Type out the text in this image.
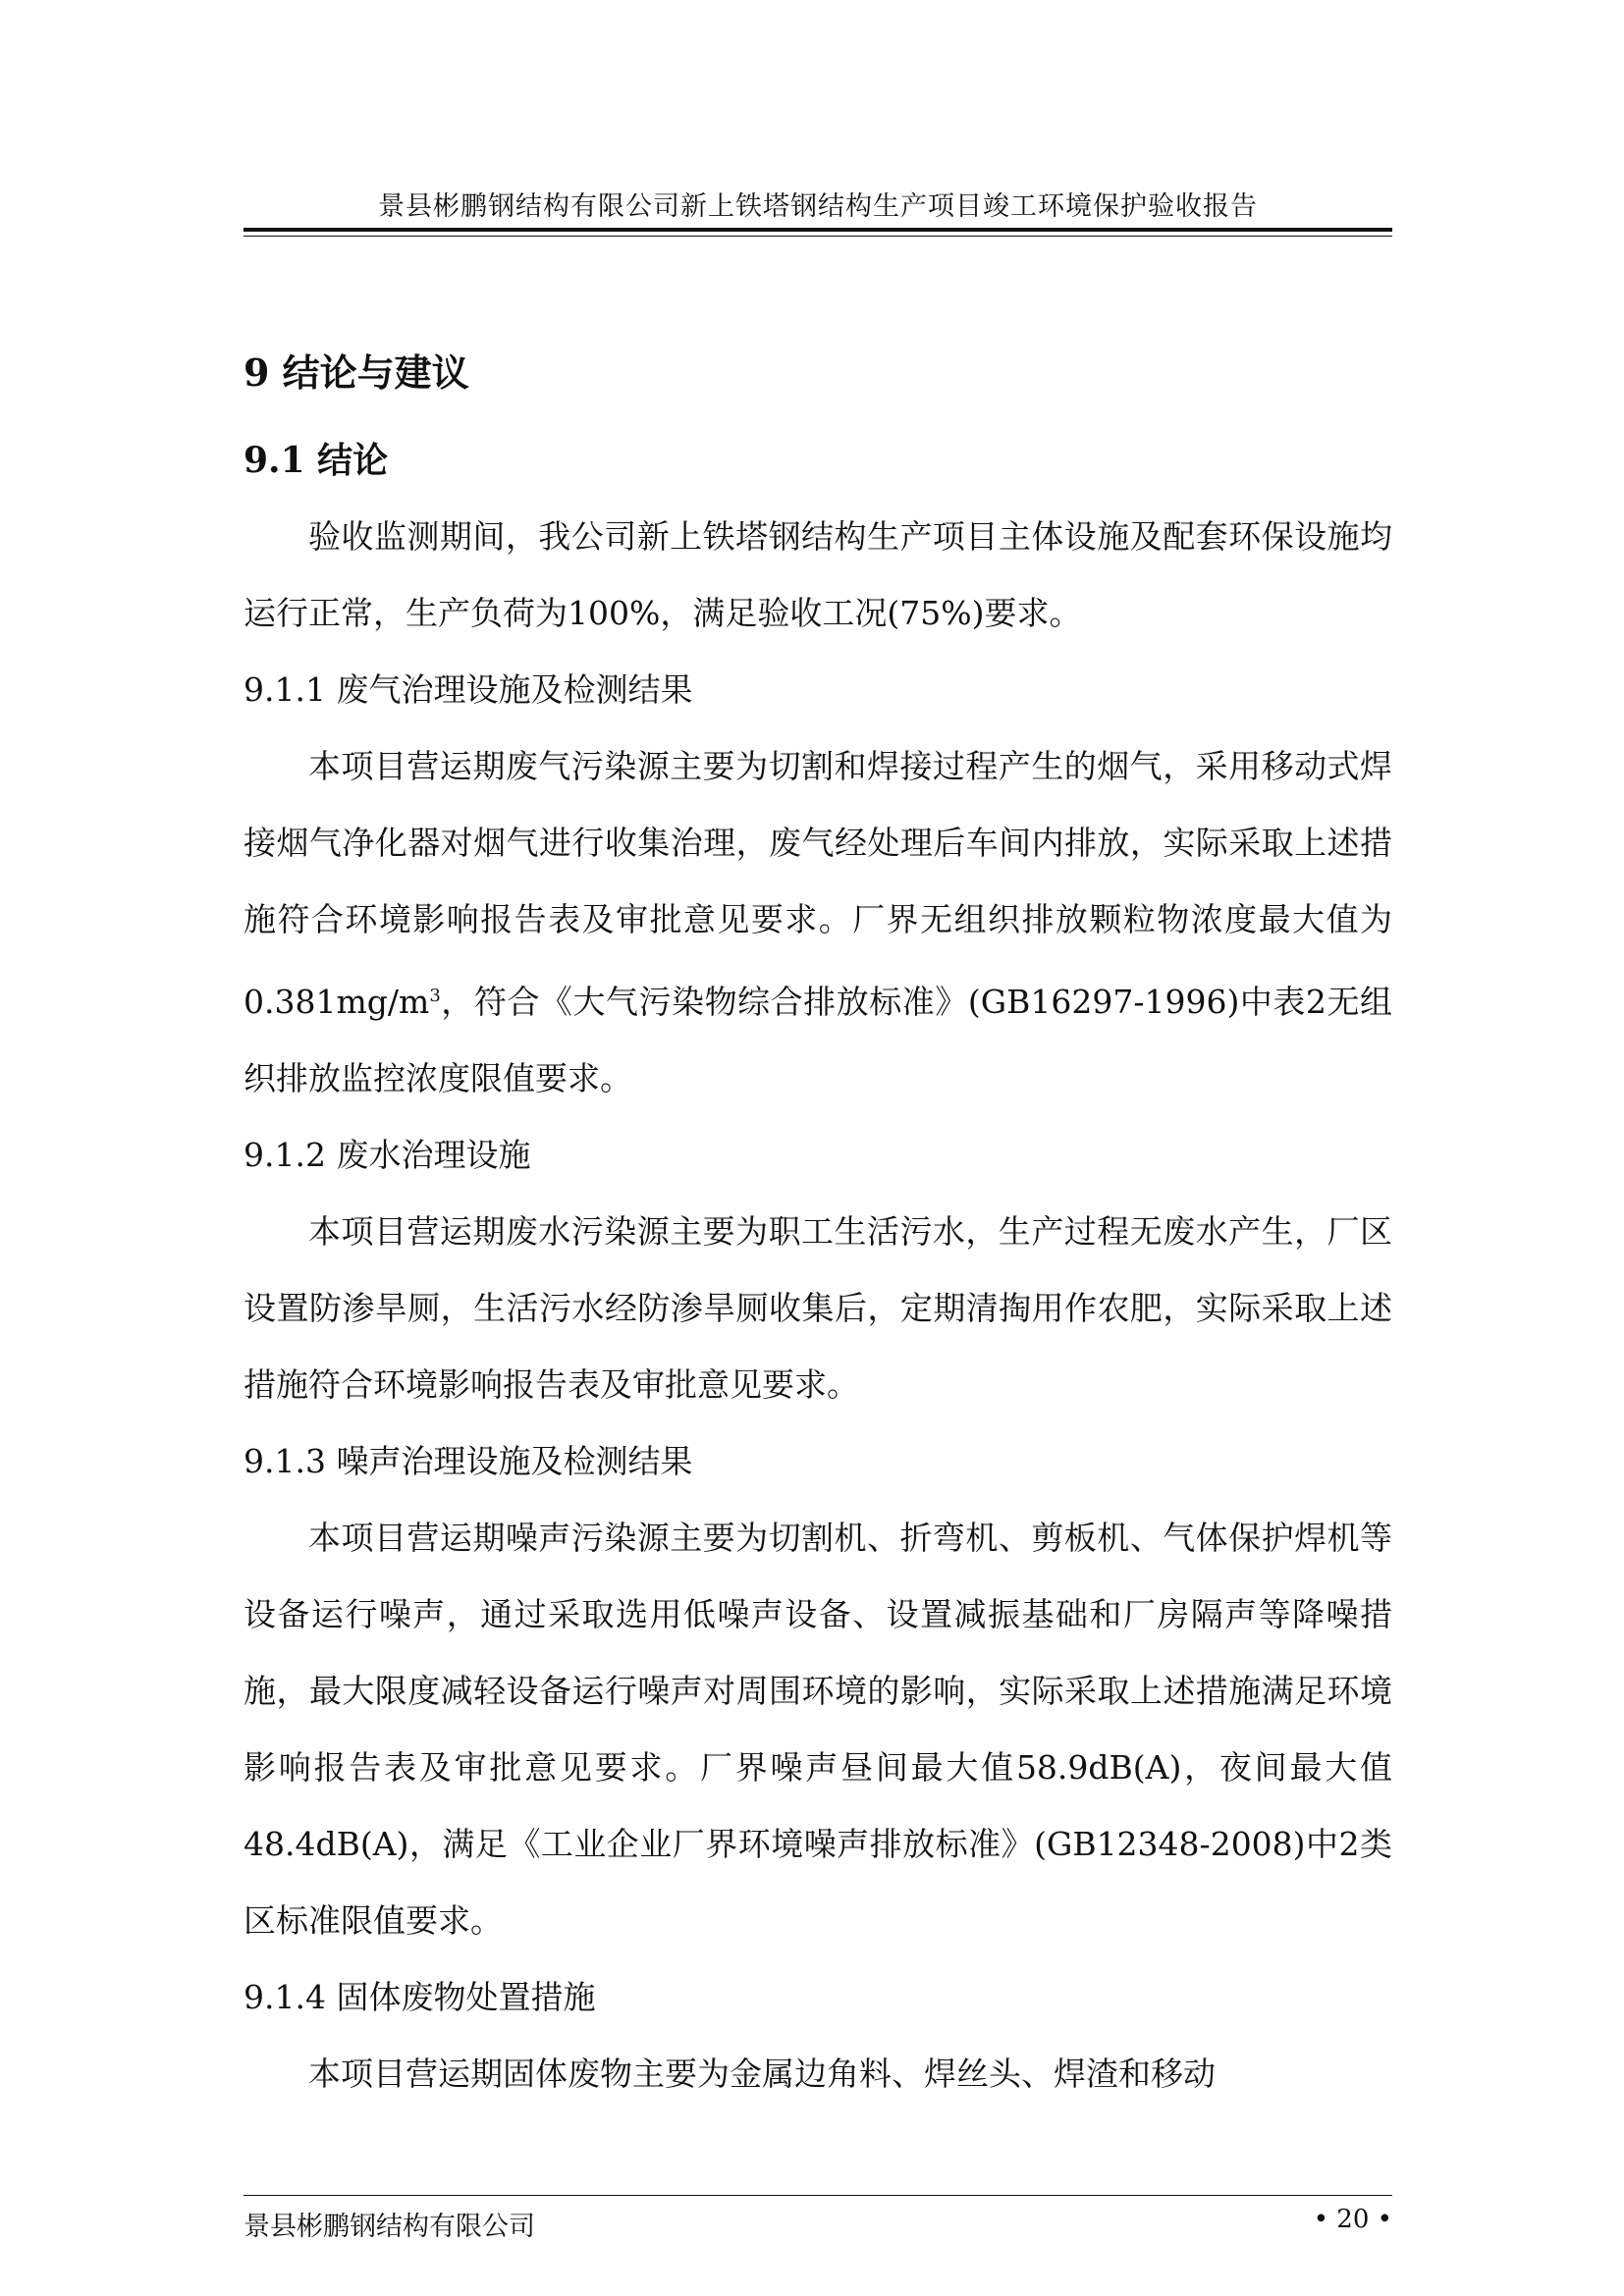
景县彬鹏钢结构有限公司新上铁塔钢结构生产项目竣工环境保护验收报告

9 结论与建议

9.1 结论

验收监测期间，我公司新上铁塔钢结构生产项目主体设施及配套环保设施均运行正常，生产负荷为100%，满足验收工况(75%)要求。

9.1.1 废气治理设施及检测结果

本项目营运期废气污染源主要为切割和焊接过程产生的烟气，采用移动式焊接烟气净化器对烟气进行收集治理，废气经处理后车间内排放，实际采取上述措施符合环境影响报告表及审批意见要求。厂界无组织排放颗粒物浓度最大值为$0.381mg/m^3$，符合《大气污染物综合排放标准》(GB16297-1996)中表2无组织排放监控浓度限值要求。

9.1.2 废水治理设施

本项目营运期废水污染源主要为职工生活污水，生产过程无废水产生，厂区设置防渗旱厕，生活污水经防渗旱厕收集后，定期清掏用作农肥，实际采取上述措施符合环境影响报告表及审批意见要求。

9.1.3 噪声治理设施及检测结果

本项目营运期噪声污染源主要为切割机、折弯机、剪板机、气体保护焊机等设备运行噪声，通过采取选用低噪声设备、设置减振基础和厂房隔声等降噪措施，最大限度减轻设备运行噪声对周围环境的影响，实际采取上述措施满足环境影响报告表及审批意见要求。厂界噪声昼间最大值58.9dB(A)，夜间最大值48.4dB(A)，满足《工业企业厂界环境噪声排放标准》(GB12348-2008)中2类区标准限值要求。

9.1.4 固体废物处置措施

本项目营运期固体废物主要为金属边角料、焊丝头、焊渣和移动

景县彬鹏钢结构有限公司	• 20 •
